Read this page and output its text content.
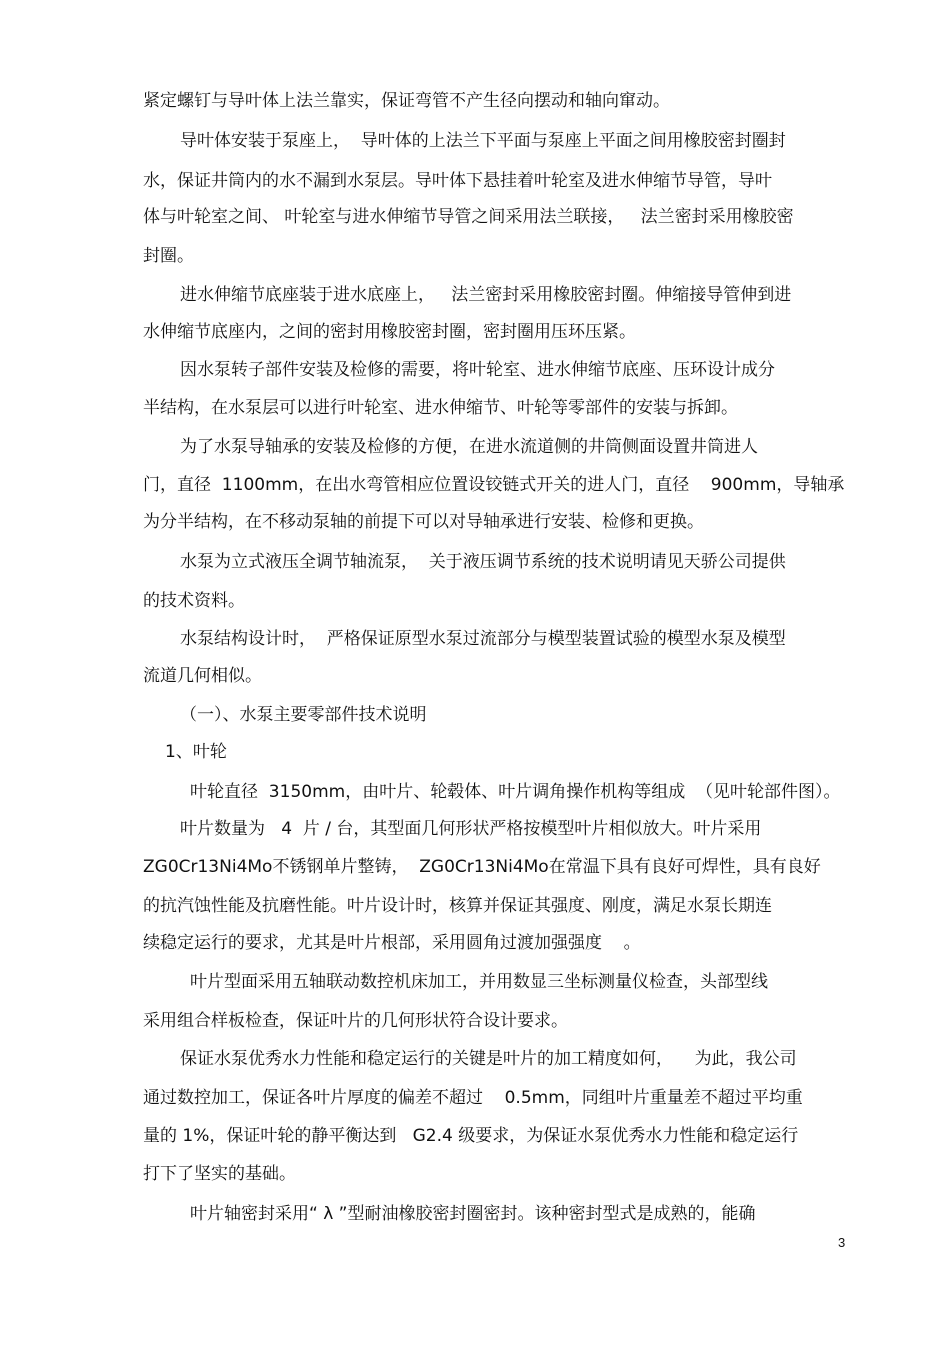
紧定螺钉与导叶体上法兰靠实，保证弯管不产生径向摆动和轴向窜动。
导叶体安装于泵座上，  导叶体的上法兰下平面与泵座上平面之间用橡胶密封圈封
水，保证井筒内的水不漏到水泵层。导叶体下悬挂着叶轮室及进水伸缩节导管，导叶
体与叶轮室之间、 叶轮室与进水伸缩节导管之间采用法兰联接，   法兰密封采用橡胶密
封圈。
进水伸缩节底座装于进水底座上，   法兰密封采用橡胶密封圈。伸缩接导管伸到进
水伸缩节底座内，之间的密封用橡胶密封圈，密封圈用压环压紧。
因水泵转子部件安装及检修的需要，将叶轮室、进水伸缩节底座、压环设计成分
半结构，在水泵层可以进行叶轮室、进水伸缩节、叶轮等零部件的安装与拆卸。
为了水泵导轴承的安装及检修的方便，在进水流道侧的井筒侧面设置井筒进人
门，直径  1100mm，在出水弯管相应位置设铰链式开关的进人门，直径    900mm，导轴承
为分半结构，在不移动泵轴的前提下可以对导轴承进行安装、检修和更换。
水泵为立式液压全调节轴流泵，  关于液压调节系统的技术说明请见天骄公司提供
的技术资料。
水泵结构设计时，  严格保证原型水泵过流部分与模型装置试验的模型水泵及模型
流道几何相似。
（一）、水泵主要零部件技术说明
1、叶轮
叶轮直径  3150mm，由叶片、轮毂体、叶片调角操作机构等组成  （见叶轮部件图）。
叶片数量为   4  片 / 台，其型面几何形状严格按模型叶片相似放大。叶片采用
ZG0Cr13Ni4Mo不锈钢单片整铸，  ZG0Cr13Ni4Mo在常温下具有良好可焊性，具有良好
的抗汽蚀性能及抗磨性能。叶片设计时，核算并保证其强度、刚度，满足水泵长期连
续稳定运行的要求，尤其是叶片根部，采用圆角过渡加强强度    。
叶片型面采用五轴联动数控机床加工，并用数显三坐标测量仪检查，头部型线
采用组合样板检查，保证叶片的几何形状符合设计要求。
保证水泵优秀水力性能和稳定运行的关键是叶片的加工精度如何，    为此，我公司
通过数控加工，保证各叶片厚度的偏差不超过    0.5mm，同组叶片重量差不超过平均重
量的 1%，保证叶轮的静平衡达到   G2.4 级要求，为保证水泵优秀水力性能和稳定运行
打下了坚实的基础。
叶片轴密封采用“ λ ”型耐油橡胶密封圈密封。该种密封型式是成熟的，能确
3
